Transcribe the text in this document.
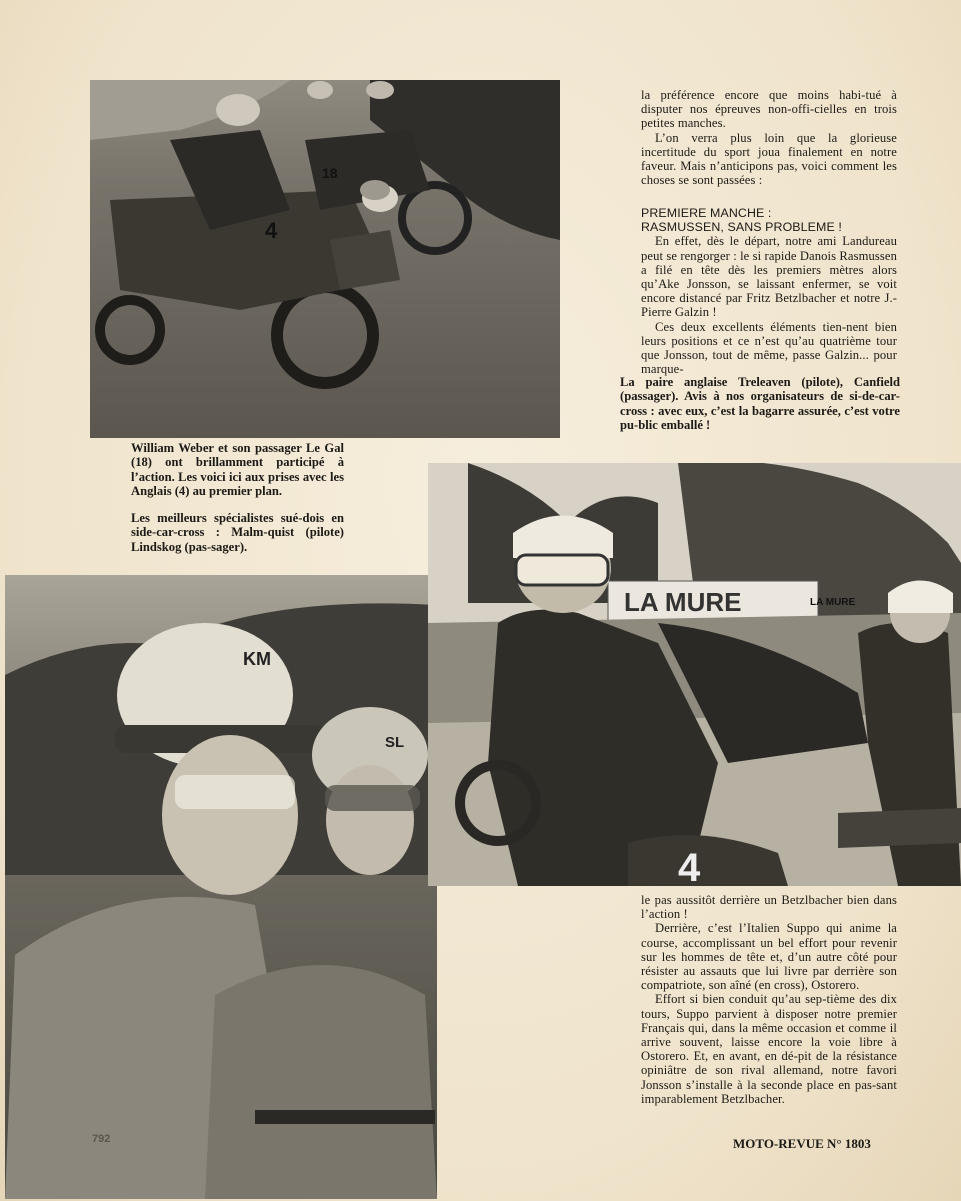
4
18

la préférence encore que moins habi-tué à disputer nos épreuves non-offi-cielles en trois petites manches.

L’on verra plus loin que la glorieuse incertitude du sport joua finalement en notre faveur. Mais n’anticipons pas, voici comment les choses se sont passées :

PREMIERE MANCHE :

RASMUSSEN, SANS PROBLEME !

En effet, dès le départ, notre ami Landureau peut se rengorger : le si rapide Danois Rasmussen a filé en tête dès les premiers mètres alors qu’Ake Jonsson, se laissant enfermer, se voit encore distancé par Fritz Betzlbacher et notre J.-Pierre Galzin !

Ces deux excellents éléments tien-nent bien leurs positions et ce n’est qu’au quatrième tour que Jonsson, tout de même, passe Galzin... pour marque-

La paire anglaise Treleaven (pilote), Canfield (passager). Avis à nos organisateurs de si-de-car-cross : avec eux, c’est la bagarre assurée, c’est votre pu-blic emballé !

William Weber et son passager Le Gal (18) ont brillamment participé à l’action. Les voici ici aux prises avec les Anglais (4) au premier plan.

Les meilleurs spécialistes sué-dois en side-car-cross : Malm-quist (pilote) Lindskog (pas-sager).

KM
SL
LA MURE	LA MURE
4

le pas aussitôt derrière un Betzlbacher bien dans l’action !

Derrière, c’est l’Italien Suppo qui anime la course, accomplissant un bel effort pour revenir sur les hommes de tête et, d’un autre côté pour résister au assauts que lui livre par derrière son compatriote, son aîné (en cross), Ostorero.

Effort si bien conduit qu’au sep-tième des dix tours, Suppo parvient à disposer notre premier Français qui, dans la même occasion et comme il arrive souvent, laisse encore la voie libre à Ostorero. Et, en avant, en dé-pit de la résistance opiniâtre de son rival allemand, notre favori Jonsson s’installe à la seconde place en pas-sant imparablement Betzlbacher.

792	MOTO-REVUE N° 1803
